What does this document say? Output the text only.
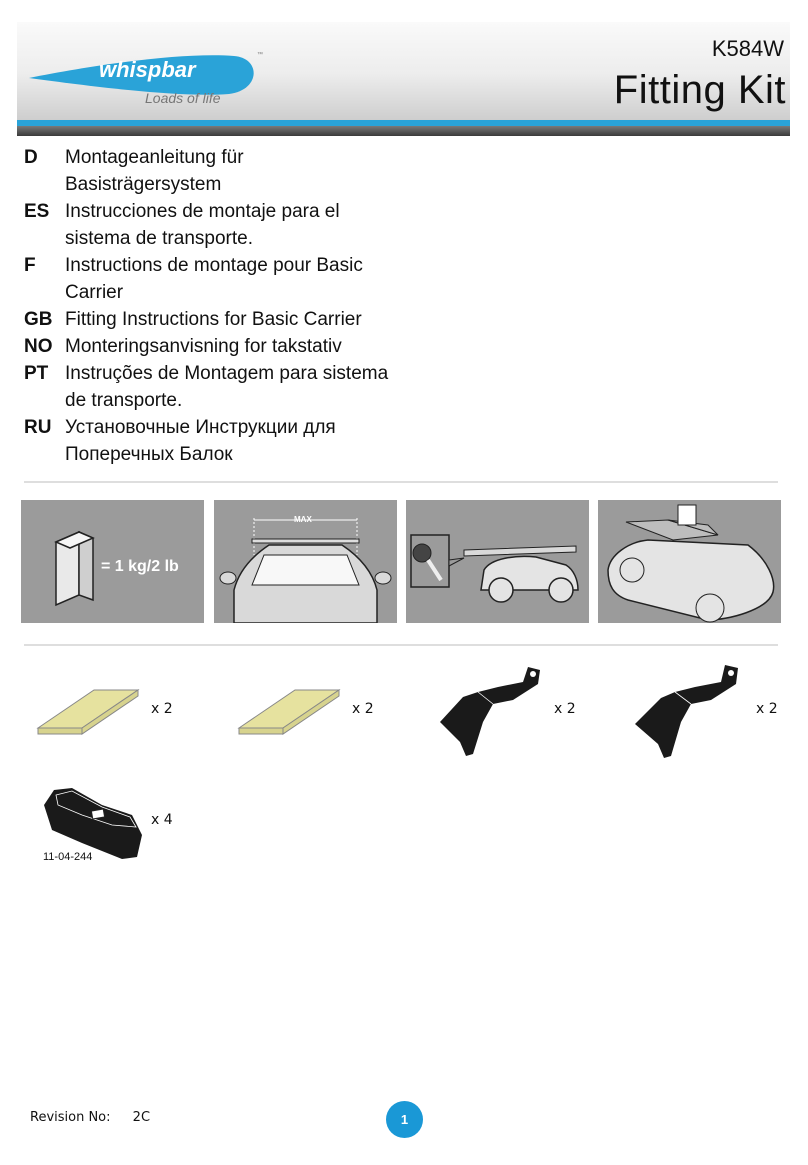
whispbar
™
Loads of life
K584W
Fitting Kit
D	Montageanleitung für Basisträgersystem
ES Instrucciones de montaje para el sistema de transporte.
F	Instructions de montage pour Basic Carrier
GB Fitting Instructions for Basic Carrier
NO Monteringsanvisning for takstativ
PT Instruções de Montagem para sistema de transporte.
RU Установочные Инструкции для Поперечных Балок
= 1 kg/2 lb
MAX
x 2	x 2	x 2	x 2
x 4
11-04-244
Revision No: 2C	1
